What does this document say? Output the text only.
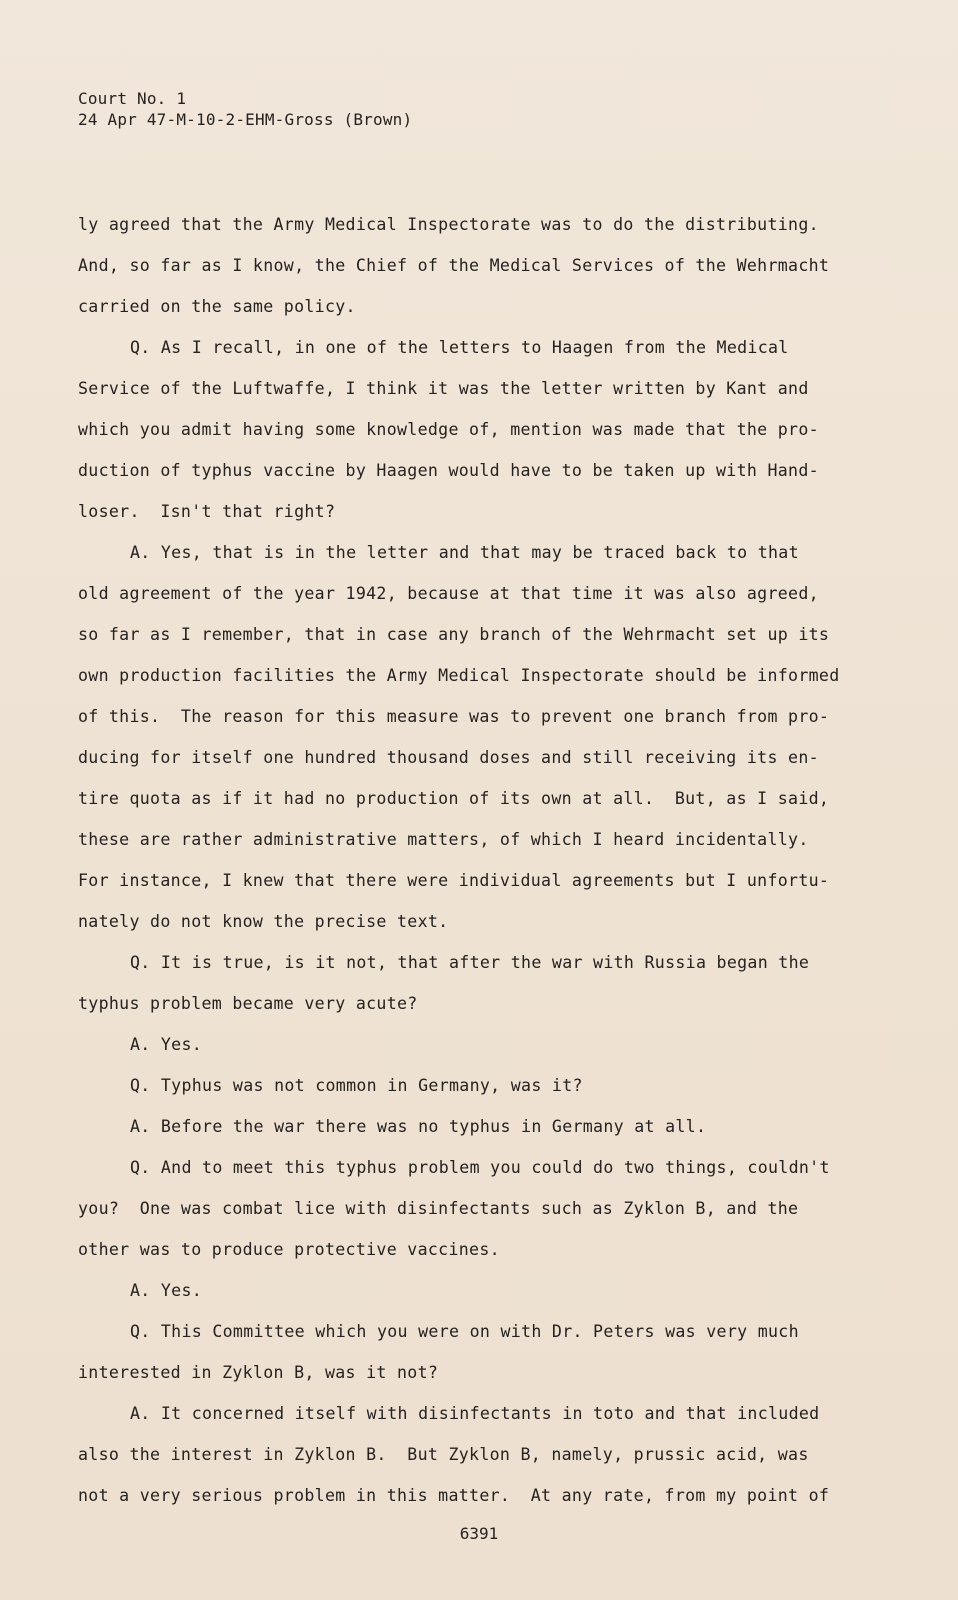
Court No. 1
24 Apr 47-M-10-2-EHM-Gross (Brown)
ly agreed that the Army Medical Inspectorate was to do the distributing.
And, so far as I know, the Chief of the Medical Services of the Wehrmacht
carried on the same policy.
Q. As I recall, in one of the letters to Haagen from the Medical
Service of the Luftwaffe, I think it was the letter written by Kant and
which you admit having some knowledge of, mention was made that the pro-
duction of typhus vaccine by Haagen would have to be taken up with Hand-
loser.  Isn't that right?
A. Yes, that is in the letter and that may be traced back to that
old agreement of the year 1942, because at that time it was also agreed,
so far as I remember, that in case any branch of the Wehrmacht set up its
own production facilities the Army Medical Inspectorate should be informed
of this.  The reason for this measure was to prevent one branch from pro-
ducing for itself one hundred thousand doses and still receiving its en-
tire quota as if it had no production of its own at all.  But, as I said,
these are rather administrative matters, of which I heard incidentally.
For instance, I knew that there were individual agreements but I unfortu-
nately do not know the precise text.
Q. It is true, is it not, that after the war with Russia began the
typhus problem became very acute?
A. Yes.
Q. Typhus was not common in Germany, was it?
A. Before the war there was no typhus in Germany at all.
Q. And to meet this typhus problem you could do two things, couldn't
you?  One was combat lice with disinfectants such as Zyklon B, and the
other was to produce protective vaccines.
A. Yes.
Q. This Committee which you were on with Dr. Peters was very much
interested in Zyklon B, was it not?
A. It concerned itself with disinfectants in toto and that included
also the interest in Zyklon B.  But Zyklon B, namely, prussic acid, was
not a very serious problem in this matter.  At any rate, from my point of
6391
